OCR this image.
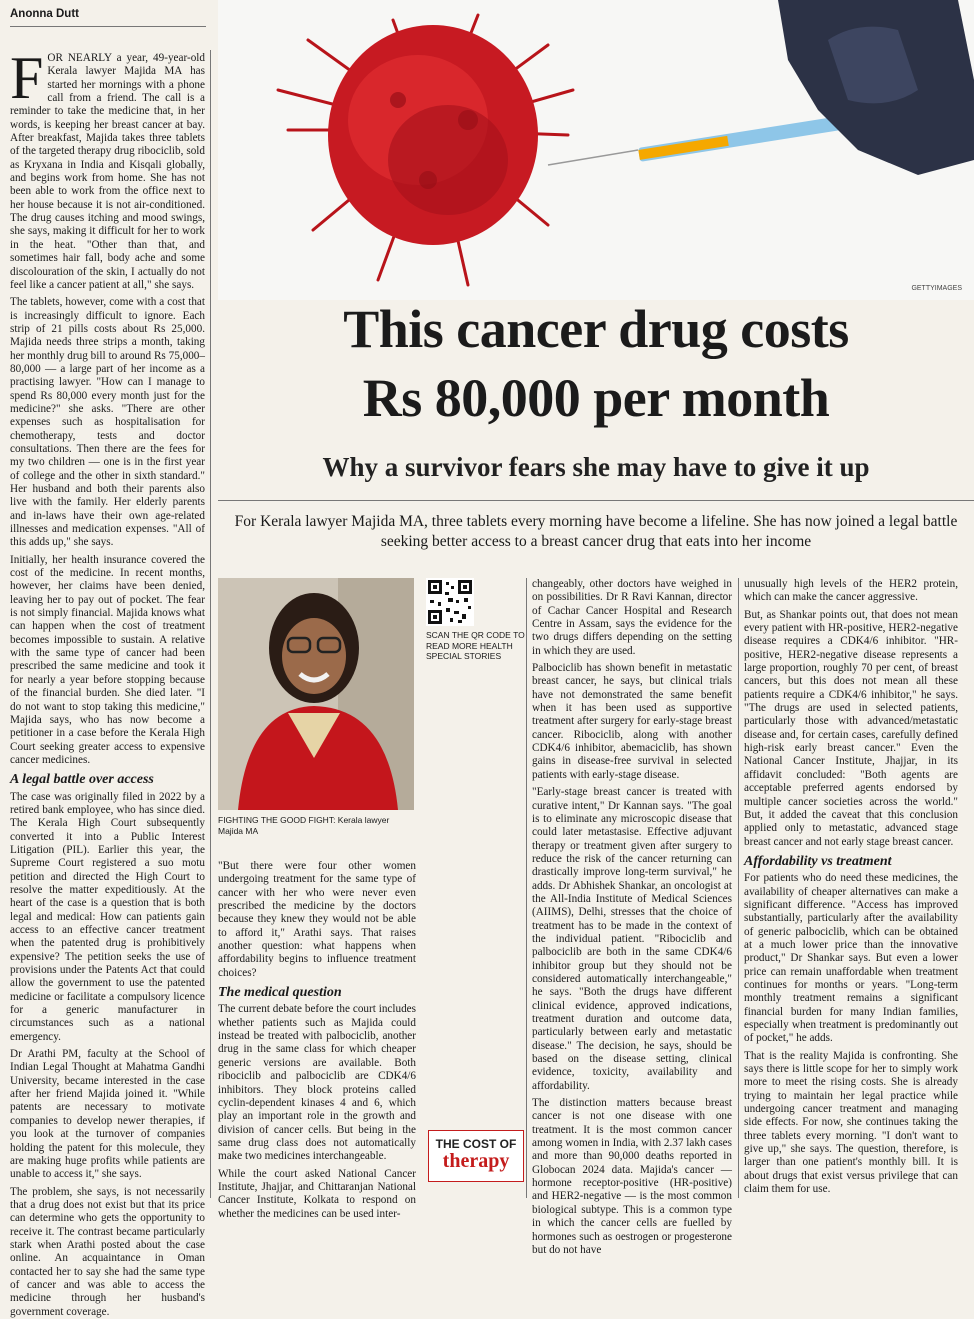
Anonna Dutt

FOR NEARLY a year, 49-year-old Kerala lawyer Majida MA has started her mornings with a phone call from a friend. The call is a reminder to take the medicine that, in her words, is keeping her breast cancer at bay. After breakfast, Majida takes three tablets of the targeted therapy drug ribociclib, sold as Kryxana in India and Kisqali globally, and begins work from home. She has not been able to work from the office next to her house because it is not air-conditioned. The drug causes itching and mood swings, she says, making it difficult for her to work in the heat. "Other than that, and sometimes hair fall, body ache and some discolouration of the skin, I actually do not feel like a cancer patient at all," she says.

The tablets, however, come with a cost that is increasingly difficult to ignore. Each strip of 21 pills costs about Rs 25,000. Majida needs three strips a month, taking her monthly drug bill to around Rs 75,000–80,000 — a large part of her income as a practising lawyer. "How can I manage to spend Rs 80,000 every month just for the medicine?" she asks. "There are other expenses such as hospitalisation for chemotherapy, tests and doctor consultations. Then there are the fees for my two children — one is in the first year of college and the other in sixth standard." Her husband and both their parents also live with the family. Her elderly parents and in-laws have their own age-related illnesses and medication expenses. "All of this adds up," she says.

Initially, her health insurance covered the cost of the medicine. In recent months, however, her claims have been denied, leaving her to pay out of pocket. The fear is not simply financial. Majida knows what can happen when the cost of treatment becomes impossible to sustain. A relative with the same type of cancer had been prescribed the same medicine and took it for nearly a year before stopping because of the financial burden. She died later. "I do not want to stop taking this medicine," Majida says, who has now become a petitioner in a case before the Kerala High Court seeking greater access to expensive cancer medicines.

A legal battle over access

The case was originally filed in 2022 by a retired bank employee, who has since died. The Kerala High Court subsequently converted it into a Public Interest Litigation (PIL). Earlier this year, the Supreme Court registered a suo motu petition and directed the High Court to resolve the matter expeditiously. At the heart of the case is a question that is both legal and medical: How can patients gain access to an effective cancer treatment when the patented drug is prohibitively expensive? The petition seeks the use of provisions under the Patents Act that could allow the government to use the patented medicine or facilitate a compulsory licence for a generic manufacturer in circumstances such as a national emergency.

Dr Arathi PM, faculty at the School of Indian Legal Thought at Mahatma Gandhi University, became interested in the case after her friend Majida joined it. "While patents are necessary to motivate companies to develop newer therapies, if you look at the turnover of companies holding the patent for this molecule, they are making huge profits while patients are unable to access it," she says.

The problem, she says, is not necessarily that a drug does not exist but that its price can determine who gets the opportunity to receive it. The contrast became particularly stark when Arathi posted about the case online. An acquaintance in Oman contacted her to say she had the same type of cancer and was able to access the medicine through her husband's government coverage.

GETTYIMAGES
This cancer drug costs
Rs 80,000 per month
Why a survivor fears she may have to give it up
For Kerala lawyer Majida MA, three tablets every morning have become a lifeline. She has now joined a legal battle seeking better access to a breast cancer drug that eats into her income
FIGHTING THE GOOD FIGHT: Kerala lawyer Majida MA
SCAN THE QR CODE TO READ MORE HEALTH SPECIAL STORIES

"But there were four other women undergoing treatment for the same type of cancer with her who were never even prescribed the medicine by the doctors because they knew they would not be able to afford it," Arathi says. That raises another question: what happens when affordability begins to influence treatment choices?

The medical question

The current debate before the court includes whether patients such as Majida could instead be treated with palbociclib, another drug in the same class for which cheaper generic versions are available. Both ribociclib and palbociclib are CDK4/6 inhibitors. They block proteins called cyclin-dependent kinases 4 and 6, which play an important role in the growth and division of cancer cells. But being in the same drug class does not automatically make two medicines interchangeable.

While the court asked National Cancer Institute, Jhajjar, and Chittaranjan National Cancer Institute, Kolkata to respond on whether the medicines can be used inter-

THE COST OF
therapy

changeably, other doctors have weighed in on possibilities. Dr R Ravi Kannan, director of Cachar Cancer Hospital and Research Centre in Assam, says the evidence for the two drugs differs depending on the setting in which they are used.

Palbociclib has shown benefit in metastatic breast cancer, he says, but clinical trials have not demonstrated the same benefit when it has been used as supportive treatment after surgery for early-stage breast cancer. Ribociclib, along with another CDK4/6 inhibitor, abemaciclib, has shown gains in disease-free survival in selected patients with early-stage disease.

"Early-stage breast cancer is treated with curative intent," Dr Kannan says. "The goal is to eliminate any microscopic disease that could later metastasise. Effective adjuvant therapy or treatment given after surgery to reduce the risk of the cancer returning can drastically improve long-term survival," he adds. Dr Abhishek Shankar, an oncologist at the All-India Institute of Medical Sciences (AIIMS), Delhi, stresses that the choice of treatment has to be made in the context of the individual patient. "Ribociclib and palbociclib are both in the same CDK4/6 inhibitor group but they should not be considered automatically interchangeable," he says. "Both the drugs have different clinical evidence, approved indications, treatment duration and outcome data, particularly between early and metastatic disease." The decision, he says, should be based on the disease setting, clinical evidence, toxicity, availability and affordability.

The distinction matters because breast cancer is not one disease with one treatment. It is the most common cancer among women in India, with 2.37 lakh cases and more than 90,000 deaths reported in Globocan 2024 data. Majida's cancer — hormone receptor-positive (HR-positive) and HER2-negative — is the most common biological subtype. This is a common type in which the cancer cells are fuelled by hormones such as oestrogen or progesterone but do not have

unusually high levels of the HER2 protein, which can make the cancer aggressive.

But, as Shankar points out, that does not mean every patient with HR-positive, HER2-negative disease requires a CDK4/6 inhibitor. "HR-positive, HER2-negative disease represents a large proportion, roughly 70 per cent, of breast cancers, but this does not mean all these patients require a CDK4/6 inhibitor," he says. "The drugs are used in selected patients, particularly those with advanced/metastatic disease and, for certain cases, carefully defined high-risk early breast cancer." Even the National Cancer Institute, Jhajjar, in its affidavit concluded: "Both agents are acceptable preferred agents endorsed by multiple cancer societies across the world." But, it added the caveat that this conclusion applied only to metastatic, advanced stage breast cancer and not early stage breast cancer.

Affordability vs treatment

For patients who do need these medicines, the availability of cheaper alternatives can make a significant difference. "Access has improved substantially, particularly after the availability of generic palbociclib, which can be obtained at a much lower price than the innovative product," Dr Shankar says. But even a lower price can remain unaffordable when treatment continues for months or years. "Long-term monthly treatment remains a significant financial burden for many Indian families, especially when treatment is predominantly out of pocket," he adds.

That is the reality Majida is confronting. She says there is little scope for her to simply work more to meet the rising costs. She is already trying to maintain her legal practice while undergoing cancer treatment and managing side effects. For now, she continues taking the three tablets every morning. "I don't want to give up," she says. The question, therefore, is larger than one patient's monthly bill. It is about drugs that exist versus privilege that can claim them for use.
